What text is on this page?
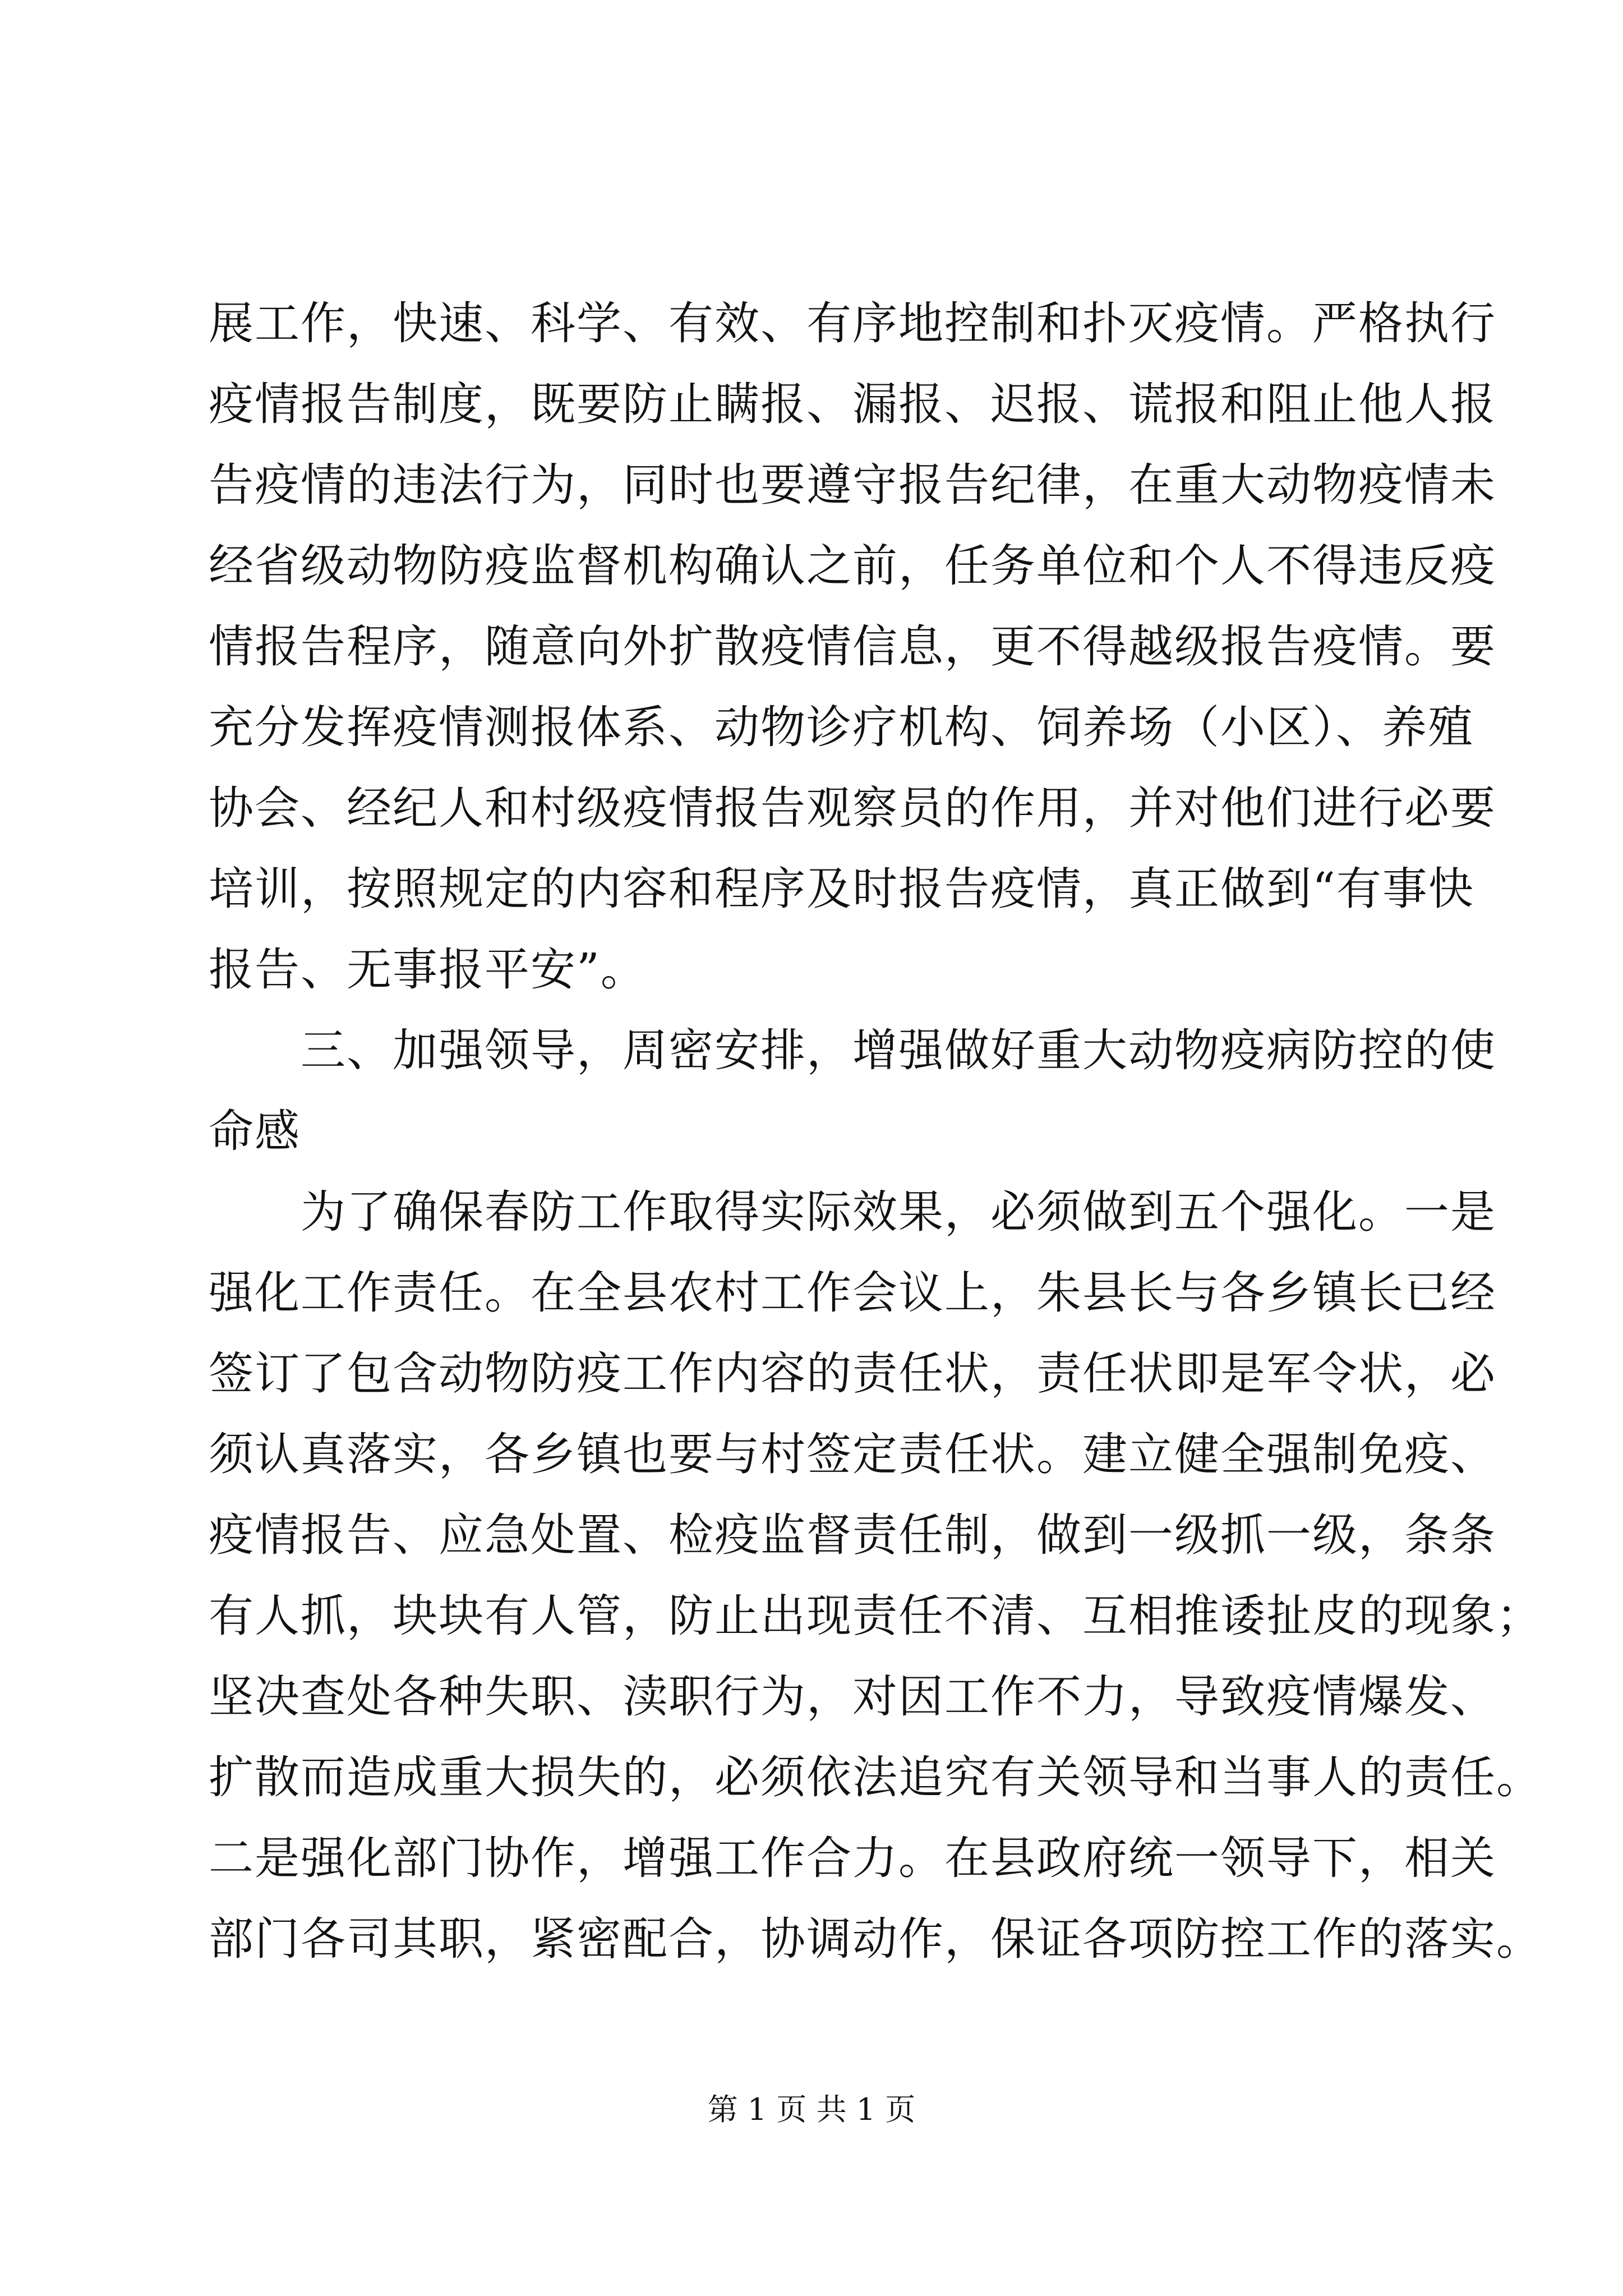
展工作，快速、科学、有效、有序地控制和扑灭疫情。严格执行
疫情报告制度，既要防止瞒报、漏报、迟报、谎报和阻止他人报
告疫情的违法行为，同时也要遵守报告纪律，在重大动物疫情未
经省级动物防疫监督机构确认之前，任务单位和个人不得违反疫
情报告程序，随意向外扩散疫情信息，更不得越级报告疫情。要
充分发挥疫情测报体系、动物诊疗机构、饲养场（小区）、养殖
协会、经纪人和村级疫情报告观察员的作用，并对他们进行必要
培训，按照规定的内容和程序及时报告疫情，真正做到“有事快
报告、无事报平安”。
　　三、加强领导，周密安排，增强做好重大动物疫病防控的使
命感
　　为了确保春防工作取得实际效果，必须做到五个强化。一是
强化工作责任。在全县农村工作会议上，朱县长与各乡镇长已经
签订了包含动物防疫工作内容的责任状，责任状即是军令状，必
须认真落实，各乡镇也要与村签定责任状。建立健全强制免疫、
疫情报告、应急处置、检疫监督责任制，做到一级抓一级，条条
有人抓，块块有人管，防止出现责任不清、互相推诿扯皮的现象；
坚决查处各种失职、渎职行为，对因工作不力，导致疫情爆发、
扩散而造成重大损失的，必须依法追究有关领导和当事人的责任。
二是强化部门协作，增强工作合力。在县政府统一领导下，相关
部门各司其职，紧密配合，协调动作，保证各项防控工作的落实。
第 1 页 共 1 页
